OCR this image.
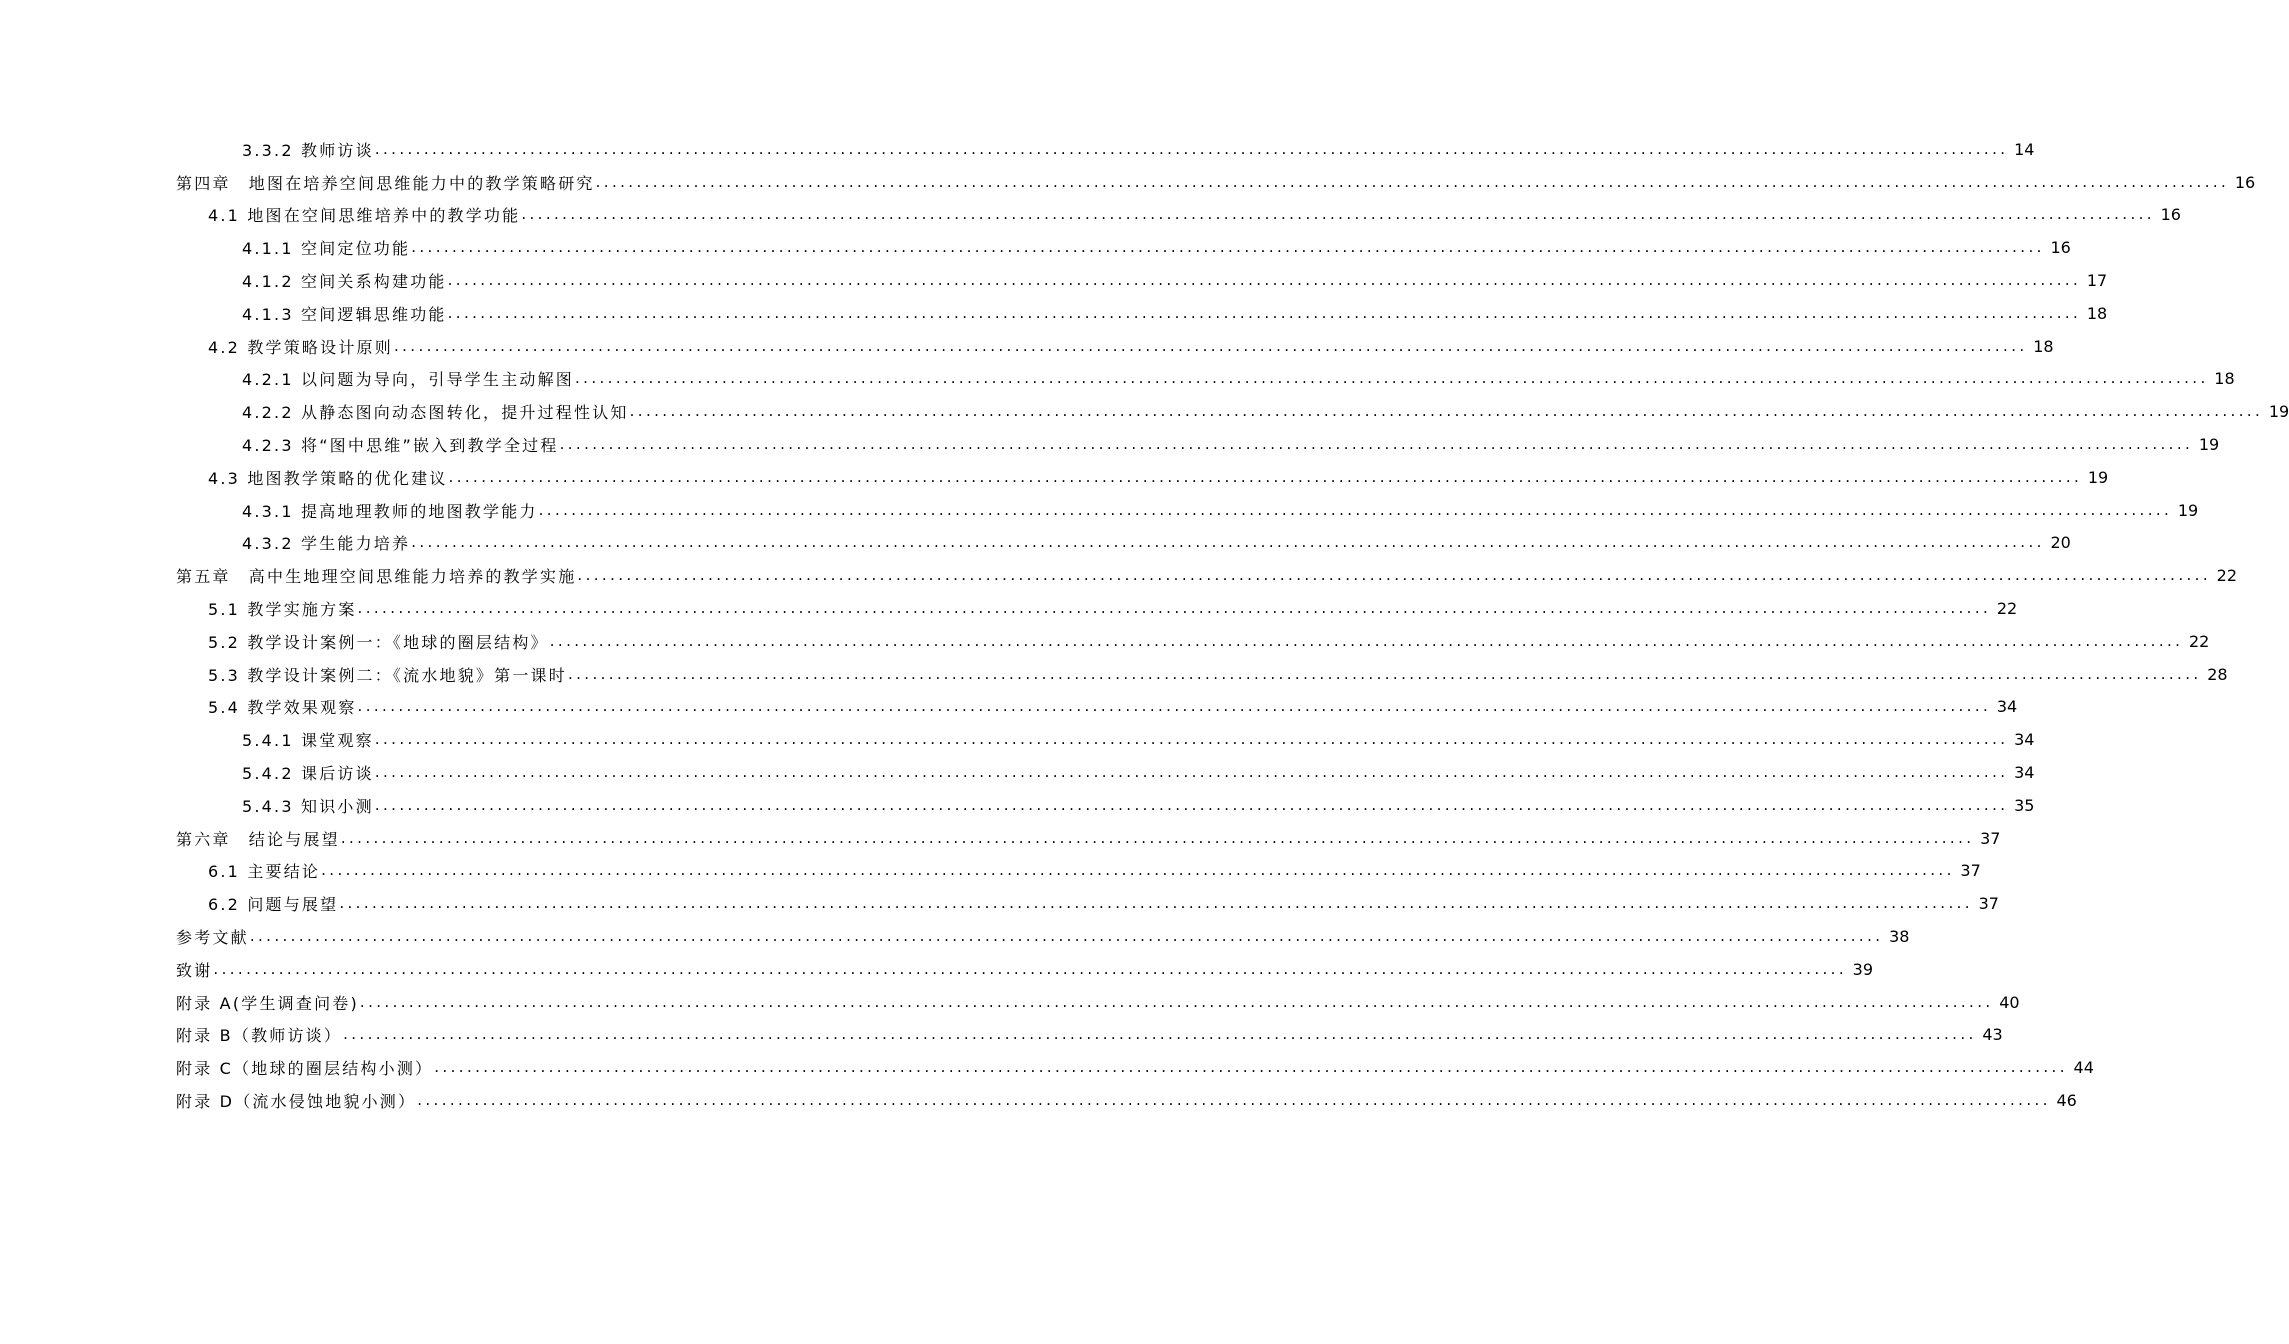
3.3.2 教师访谈 ........................................................................................................................................................................................................ 14
第四章　地图在培养空间思维能力中的教学策略研究 ........................................................................................................................................................................................................ 16
4.1 地图在空间思维培养中的教学功能 ........................................................................................................................................................................................................ 16
4.1.1 空间定位功能 ........................................................................................................................................................................................................ 16
4.1.2 空间关系构建功能 ........................................................................................................................................................................................................ 17
4.1.3 空间逻辑思维功能 ........................................................................................................................................................................................................ 18
4.2 教学策略设计原则 ........................................................................................................................................................................................................ 18
4.2.1 以问题为导向，引导学生主动解图 ........................................................................................................................................................................................................ 18
4.2.2 从静态图向动态图转化，提升过程性认知 ........................................................................................................................................................................................................ 19
4.2.3 将“图中思维”嵌入到教学全过程 ........................................................................................................................................................................................................ 19
4.3 地图教学策略的优化建议 ........................................................................................................................................................................................................ 19
4.3.1 提高地理教师的地图教学能力 ........................................................................................................................................................................................................ 19
4.3.2 学生能力培养 ........................................................................................................................................................................................................ 20
第五章　高中生地理空间思维能力培养的教学实施 ........................................................................................................................................................................................................ 22
5.1 教学实施方案 ........................................................................................................................................................................................................ 22
5.2 教学设计案例一：《地球的圈层结构》 ........................................................................................................................................................................................................ 22
5.3 教学设计案例二：《流水地貌》第一课时 ........................................................................................................................................................................................................ 28
5.4 教学效果观察 ........................................................................................................................................................................................................ 34
5.4.1 课堂观察 ........................................................................................................................................................................................................ 34
5.4.2 课后访谈 ........................................................................................................................................................................................................ 34
5.4.3 知识小测 ........................................................................................................................................................................................................ 35
第六章　结论与展望 ........................................................................................................................................................................................................ 37
6.1 主要结论 ........................................................................................................................................................................................................ 37
6.2 问题与展望 ........................................................................................................................................................................................................ 37
参考文献 ........................................................................................................................................................................................................ 38
致谢 ........................................................................................................................................................................................................ 39
附录 A(学生调查问卷) ........................................................................................................................................................................................................ 40
附录 B（教师访谈） ........................................................................................................................................................................................................ 43
附录 C（地球的圈层结构小测） ........................................................................................................................................................................................................ 44
附录 D（流水侵蚀地貌小测） ........................................................................................................................................................................................................ 46
